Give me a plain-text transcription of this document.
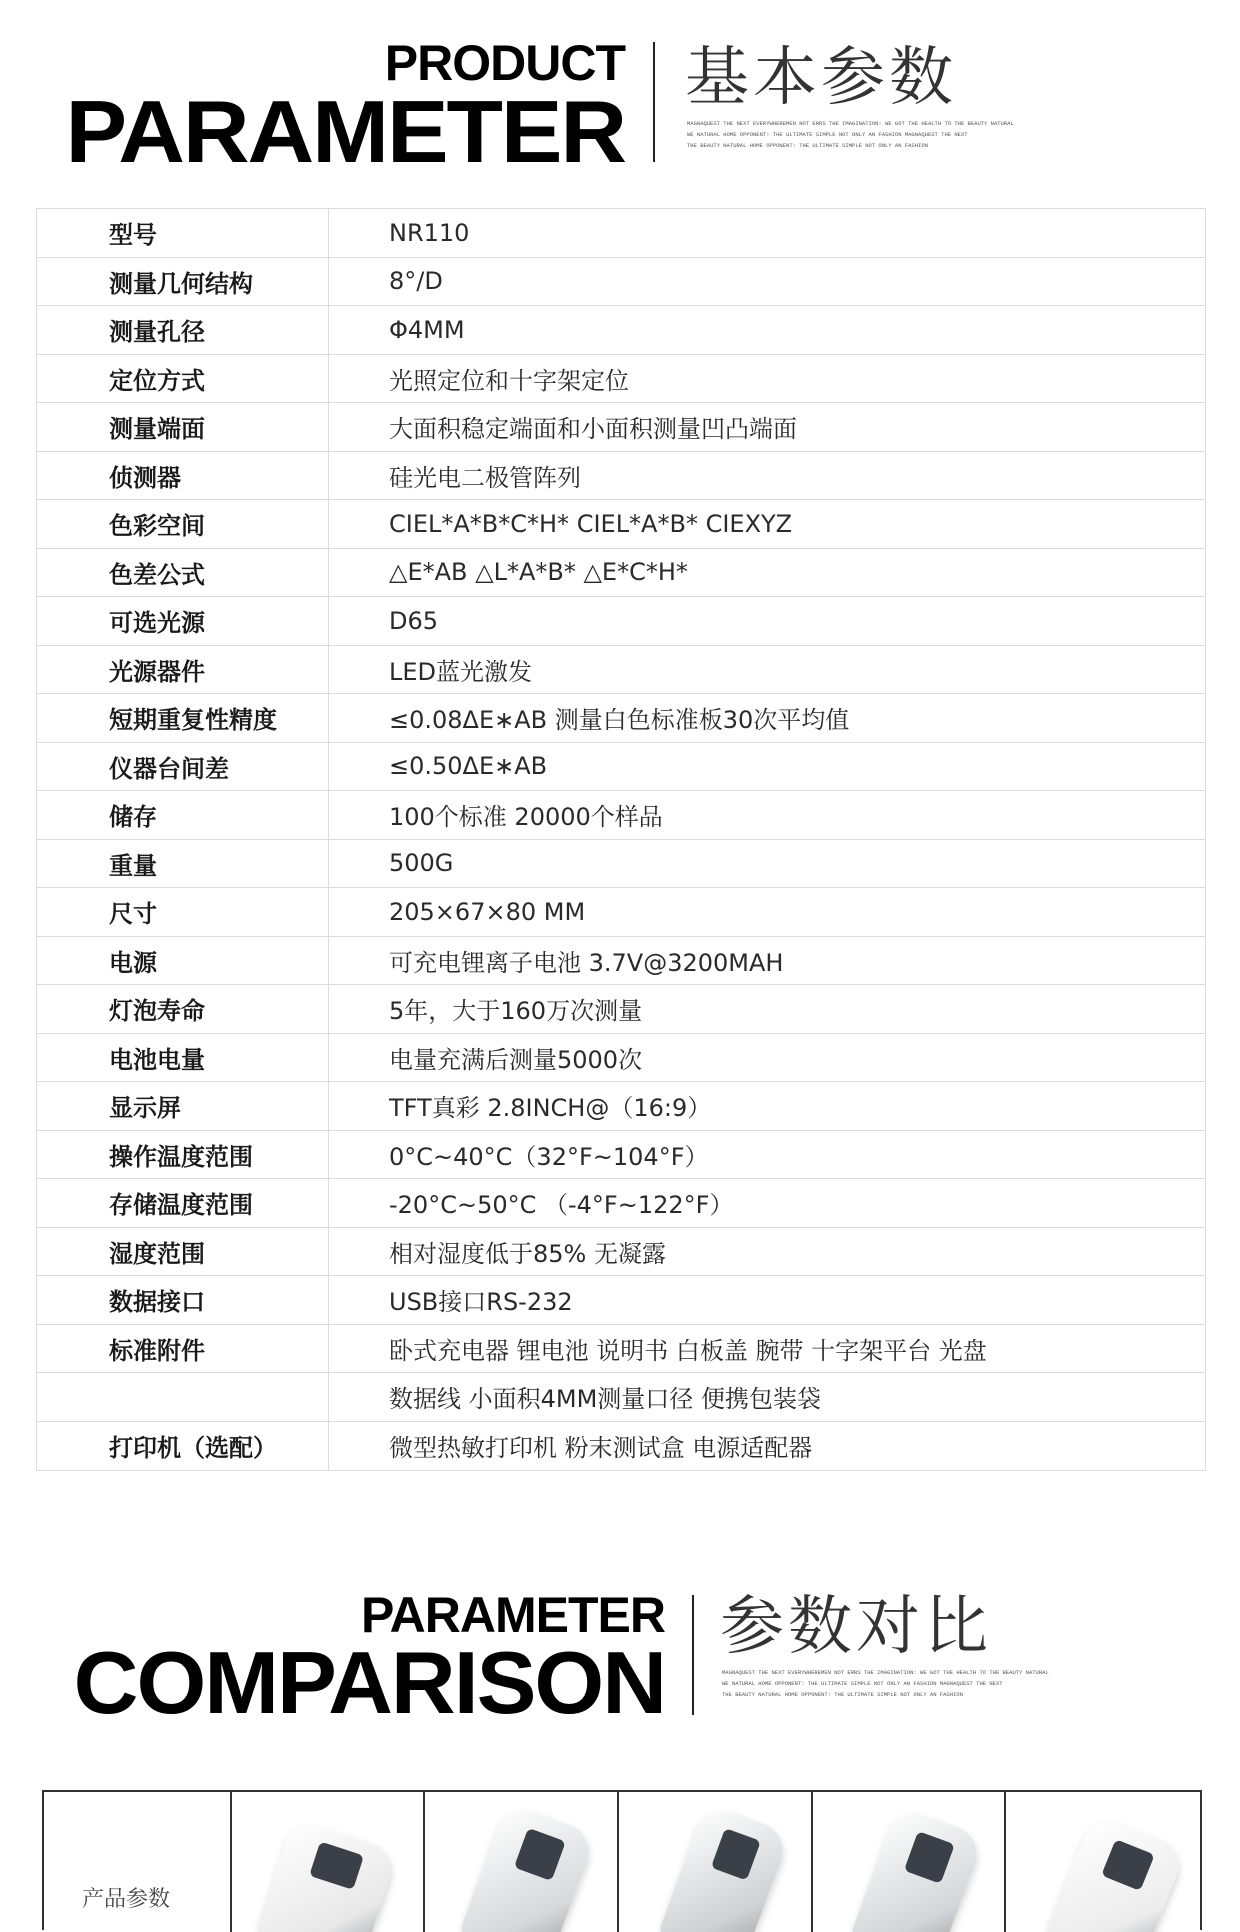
PRODUCT
PARAMETER
基本参数
MAGNAQUEST THE NEXT EVERYWHEREMEN NOT ERRS THE IMAGINATION: WE GOT THE HEALTH TO THE BEAUTY NATURAL
WE NATURAL HOME OPPONENT: THE ULTIMATE SIMPLE NOT ONLY AN FASHION MAGNAQUEST THE NEXT
THE BEAUTY NATURAL HOME OPPONENT: THE ULTIMATE SIMPLE NOT ONLY AN FASHION
型号	NR110
测量几何结构	8°/D
测量孔径	Φ4MM
定位方式	光照定位和十字架定位
测量端面	大面积稳定端面和小面积测量凹凸端面
侦测器	硅光电二极管阵列
色彩空间	CIEL*A*B*C*H* CIEL*A*B* CIEXYZ
色差公式	△E*AB △L*A*B* △E*C*H*
可选光源	D65
光源器件	LED蓝光激发
短期重复性精度	≤0.08ΔE∗AB 测量白色标准板30次平均值
仪器台间差	≤0.50ΔE∗AB
储存	100个标准 20000个样品
重量	500G
尺寸	205×67×80 MM
电源	可充电锂离子电池 3.7V@3200MAH
灯泡寿命	5年，大于160万次测量
电池电量	电量充满后测量5000次
显示屏	TFT真彩 2.8INCH@（16:9）
操作温度范围	0°C~40°C（32°F~104°F）
存储温度范围	-20°C~50°C （-4°F~122°F）
湿度范围	相对湿度低于85% 无凝露
数据接口	USB接口RS-232
标准附件	卧式充电器 锂电池 说明书 白板盖 腕带 十字架平台 光盘
数据线 小面积4MM测量口径 便携包装袋
打印机（选配）	微型热敏打印机 粉末测试盒 电源适配器
PARAMETER
COMPARISON
参数对比
MAGNAQUEST THE NEXT EVERYWHEREMEN NOT ERRS THE IMAGINATION: WE GOT THE HEALTH TO THE BEAUTY NATURAL
WE NATURAL HOME OPPONENT: THE ULTIMATE SIMPLE NOT ONLY AN FASHION MAGNAQUEST THE NEXT
THE BEAUTY NATURAL HOME OPPONENT: THE ULTIMATE SIMPLE NOT ONLY AN FASHION
产品参数
